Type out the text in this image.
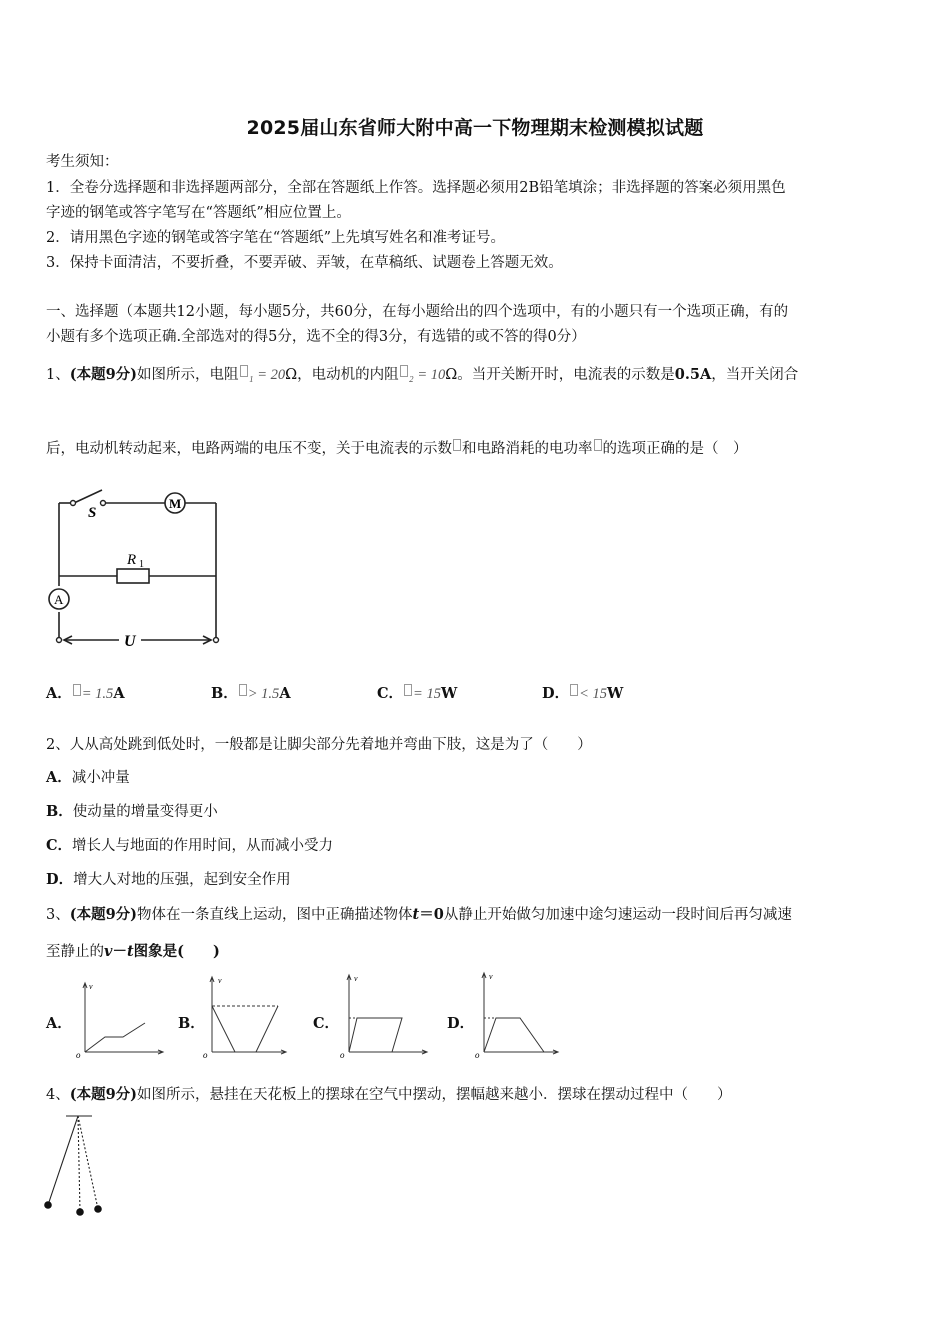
2025届山东省师大附中高一下物理期末检测模拟试题
考生须知：
1．全卷分选择题和非选择题两部分，全部在答题纸上作答。选择题必须用2B铅笔填涂；非选择题的答案必须用黑色
字迹的钢笔或答字笔写在“答题纸”相应位置上。
2．请用黑色字迹的钢笔或答字笔在“答题纸”上先填写姓名和准考证号。
3．保持卡面清洁，不要折叠，不要弄破、弄皱，在草稿纸、试题卷上答题无效。
一、选择题（本题共12小题，每小题5分，共60分，在每小题给出的四个选项中，有的小题只有一个选项正确，有的
小题有多个选项正确.全部选对的得5分，选不全的得3分，有选错的或不答的得0分）
1、(本题9分)如图所示，电阻 ₁ = 20Ω，电动机的内阻 ₂ = 10Ω。当开关断开时，电流表的示数是0.5A，当开关闭合
后，电动机转动起来，电路两端的电压不变，关于电流表的示数 和电路消耗的电功率 的选项正确的是（　）
S
M
R 1
A
U
A． = 1.5A	B． > 1.5A	C． = 15W	D． < 15W
2、人从高处跳到低处时，一般都是让脚尖部分先着地并弯曲下肢，这是为了（　　）
A．减小冲量
B．使动量的增量变得更小
C．增长人与地面的作用时间，从而减小受力
D．增大人对地的压强，起到安全作用
3、(本题9分)物体在一条直线上运动，图中正确描述物体t＝0从静止开始做匀加速中途匀速运动一段时间后再匀减速
至静止的v－t图象是(　　)
A．	B．	C．	D．
v
o
v
o
v
o
v
o
4、(本题9分)如图所示，悬挂在天花板上的摆球在空气中摆动，摆幅越来越小．摆球在摆动过程中（　　）
